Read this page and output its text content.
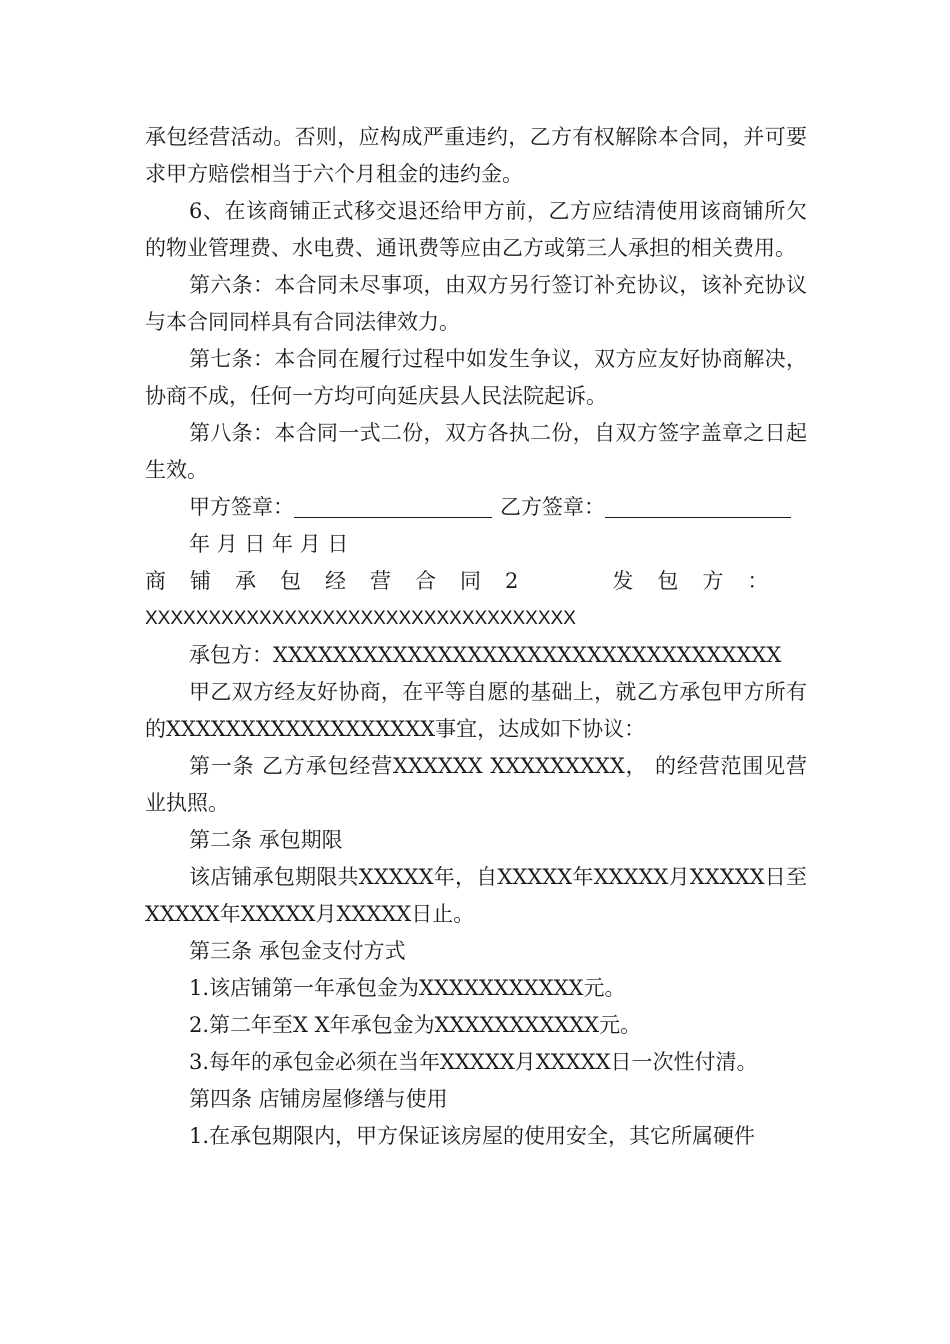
承包经营活动。否则，应构成严重违约，乙方有权解除本合同，并可要求甲方赔偿相当于六个月租金的违约金。

6、在该商铺正式移交退还给甲方前，乙方应结清使用该商铺所欠的物业管理费、水电费、通讯费等应由乙方或第三人承担的相关费用。

第六条：本合同未尽事项，由双方另行签订补充协议，该补充协议与本合同同样具有合同法律效力。

第七条：本合同在履行过程中如发生争议，双方应友好协商解决，协商不成，任何一方均可向延庆县人民法院起诉。

第八条：本合同一式二份，双方各执二份，自双方签字盖章之日起生效。

甲方签章：	乙方签章：

年 月 日 年 月 日

商铺承包经营合同2	发包方：

XXXXXXXXXXXXXXXXXXXXXXXXXXXXXXXXXX

承包方：XXXXXXXXXXXXXXXXXXXXXXXXXXXXXXXXXX

甲乙双方经友好协商，在平等自愿的基础上，就乙方承包甲方所有的XXXXXXXXXXXXXXXXXX事宜，达成如下协议：

第一条 乙方承包经营XXXXXX XXXXXXXXX， 的经营范围见营业执照。

第二条 承包期限

该店铺承包期限共XXXXX年，自XXXXX年XXXXX月XXXXX日至XXXXX年XXXXX月XXXXX日止。

第三条 承包金支付方式

1.该店铺第一年承包金为XXXXXXXXXXX元。

2.第二年至X X年承包金为XXXXXXXXXXX元。

3.每年的承包金必须在当年XXXXX月XXXXX日一次性付清。

第四条 店铺房屋修缮与使用

1.在承包期限内，甲方保证该房屋的使用安全，其它所属硬件
